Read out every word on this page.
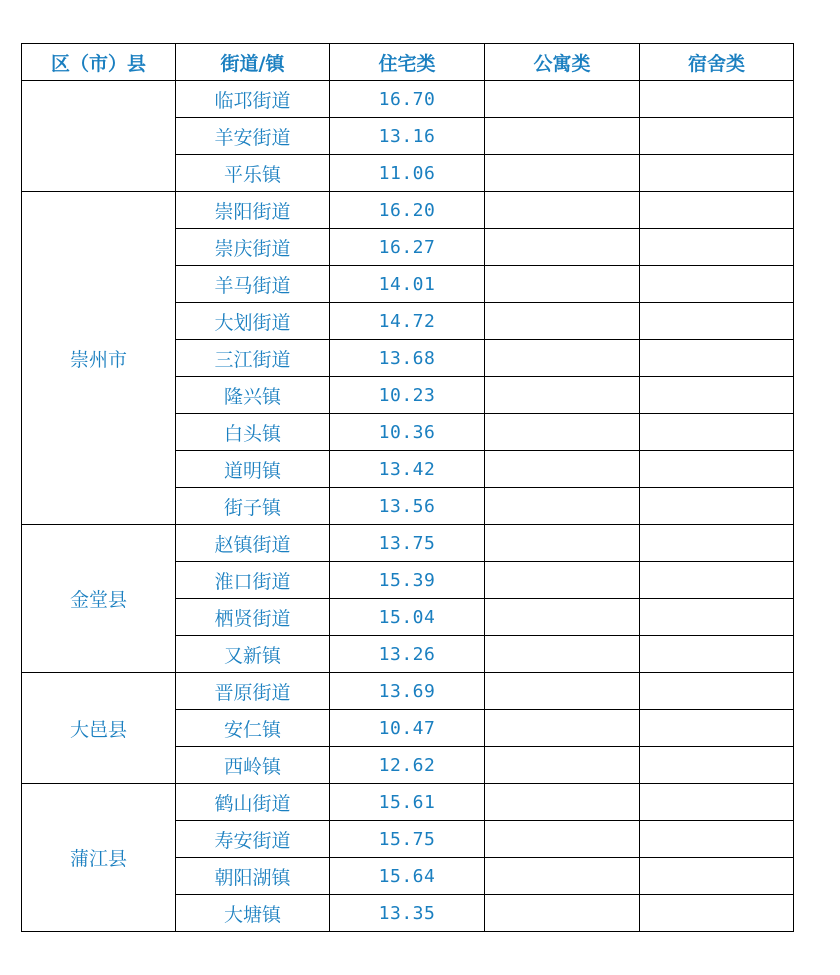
区（市）县	街道/镇	住宅类	公寓类	宿舍类
	临邛街道	16.70		
	羊安街道	13.16		
	平乐镇	11.06		
崇州市	崇阳街道	16.20		
	崇庆街道	16.27		
	羊马街道	14.01		
	大划街道	14.72		
	三江街道	13.68		
	隆兴镇	10.23		
	白头镇	10.36		
	道明镇	13.42		
	街子镇	13.56		
金堂县	赵镇街道	13.75		
	淮口街道	15.39		
	栖贤街道	15.04		
	又新镇	13.26		
大邑县	晋原街道	13.69		
	安仁镇	10.47		
	西岭镇	12.62		
蒲江县	鹤山街道	15.61		
	寿安街道	15.75		
	朝阳湖镇	15.64		
	大塘镇	13.35		
